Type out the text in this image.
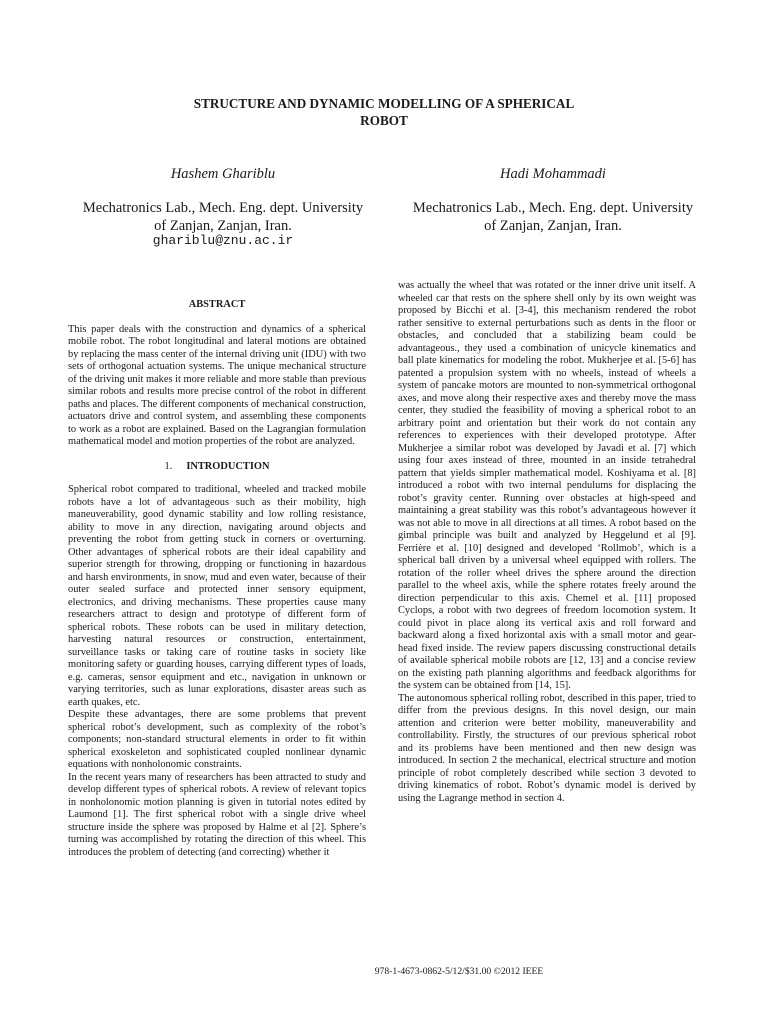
STRUCTURE AND DYNAMIC MODELLING OF A SPHERICAL
ROBOT
Hashem Ghariblu
Mechatronics Lab., Mech. Eng. dept. University
of Zanjan, Zanjan, Iran.
ghariblu@znu.ac.ir
Hadi Mohammadi
Mechatronics Lab., Mech. Eng. dept. University
of Zanjan, Zanjan, Iran.
ABSTRACT

This paper deals with the construction and dynamics of a spherical mobile robot. The robot longitudinal and lateral motions are obtained by replacing the mass center of the internal driving unit (IDU) with two sets of orthogonal actuation systems. The unique mechanical structure of the driving unit makes it more reliable and more stable than previous similar robots and results more precise control of the robot in different paths and places. The different components of mechanical construction, actuators drive and control system, and assembling these components to work as a robot are explained. Based on the Lagrangian formulation mathematical model and motion properties of the robot are analyzed.

1. INTRODUCTION

Spherical robot compared to traditional, wheeled and tracked mobile robots have a lot of advantageous such as their mobility, high maneuverability, good dynamic stability and low rolling resistance, ability to move in any direction, navigating around objects and preventing the robot from getting stuck in corners or overturning. Other advantages of spherical robots are their ideal capability and superior strength for throwing, dropping or functioning in hazardous and harsh environments, in snow, mud and even water, because of their outer sealed surface and protected inner sensory equipment, electronics, and driving mechanisms. These properties cause many researchers attract to design and prototype of different form of spherical robots. These robots can be used in military detection, harvesting natural resources or construction, entertainment, surveillance tasks or taking care of routine tasks in society like monitoring safety or guarding houses, carrying different types of loads, e.g. cameras, sensor equipment and etc., navigation in unknown or varying territories, such as lunar explorations, disaster areas such as earth quakes, etc.

Despite these advantages, there are some problems that prevent spherical robot’s development, such as complexity of the robot’s components; non-standard structural elements in order to fit within spherical exoskeleton and sophisticated coupled nonlinear dynamic equations with nonholonomic constraints.

In the recent years many of researchers has been attracted to study and develop different types of spherical robots. A review of relevant topics in nonholonomic motion planning is given in tutorial notes edited by Laumond [1]. The first spherical robot with a single drive wheel structure inside the sphere was proposed by Halme et al [2]. Sphere’s turning was accomplished by rotating the direction of this wheel. This introduces the problem of detecting (and correcting) whether it

was actually the wheel that was rotated or the inner drive unit itself. A wheeled car that rests on the sphere shell only by its own weight was proposed by Bicchi et al. [3-4], this mechanism rendered the robot rather sensitive to external perturbations such as dents in the floor or obstacles, and concluded that a stabilizing beam could be advantageous., they used a combination of unicycle kinematics and ball plate kinematics for modeling the robot. Mukherjee et al. [5-6] has patented a propulsion system with no wheels, instead of wheels a system of pancake motors are mounted to non-symmetrical orthogonal axes, and move along their respective axes and thereby move the mass center, they studied the feasibility of moving a spherical robot to an arbitrary point and orientation but their work do not contain any references to experiences with their developed prototype. After Mukherjee a similar robot was developed by Javadi et al. [7] which using four axes instead of three, mounted in an inside tetrahedral pattern that yields simpler mathematical model. Koshiyama et al. [8] introduced a robot with two internal pendulums for displacing the robot’s gravity center. Running over obstacles at high-speed and maintaining a great stability was this robot’s advantageous however it was not able to move in all directions at all times. A robot based on the gimbal principle was built and analyzed by Heggelund et al [9]. Ferrière et al. [10] designed and developed ‘Rollmob’, which is a spherical ball driven by a universal wheel equipped with rollers. The rotation of the roller wheel drives the sphere around the direction parallel to the wheel axis, while the sphere rotates freely around the direction perpendicular to this axis. Chemel et al. [11] proposed Cyclops, a robot with two degrees of freedom locomotion system. It could pivot in place along its vertical axis and roll forward and backward along a fixed horizontal axis with a small motor and gear-head fixed inside. The review papers discussing constructional details of available spherical mobile robots are [12, 13] and a concise review on the existing path planning algorithms and feedback algorithms for the system can be obtained from [14, 15].

The autonomous spherical rolling robot, described in this paper, tried to differ from the previous designs. In this novel design, our main attention and criterion were better mobility, maneuverability and controllability. Firstly, the structures of our previous spherical robot and its problems have been mentioned and then new design was introduced. In section 2 the mechanical, electrical structure and motion principle of robot completely described while section 3 devoted to driving kinematics of robot. Robot’s dynamic model is derived by using the Lagrange method in section 4.

978-1-4673-0862-5/12/$31.00 ©2012 IEEE
